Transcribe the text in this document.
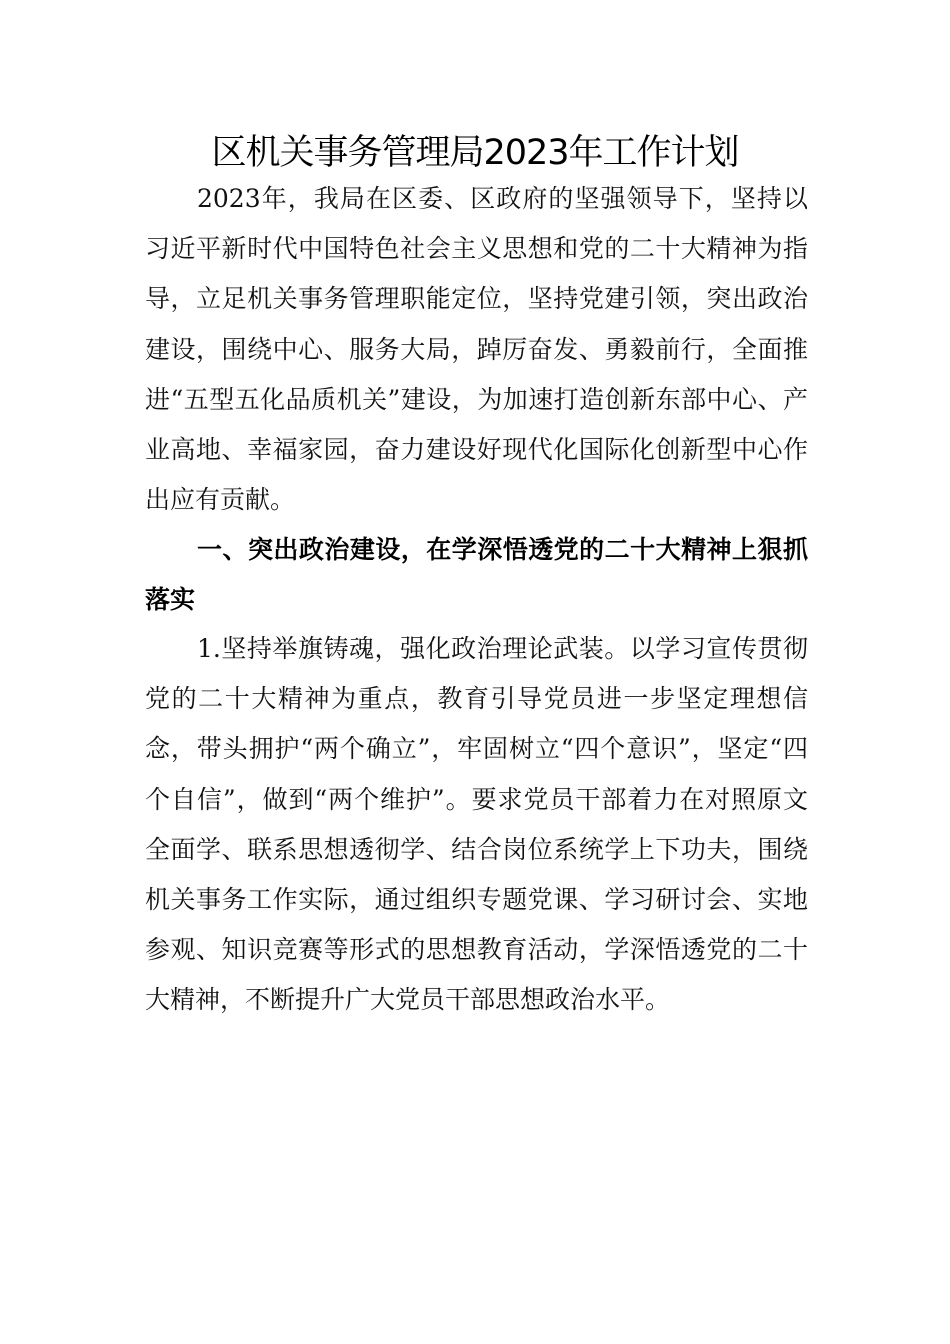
区机关事务管理局2023年工作计划

2023年，我局在区委、区政府的坚强领导下，坚持以习近平新时代中国特色社会主义思想和党的二十大精神为指导，立足机关事务管理职能定位，坚持党建引领，突出政治建设，围绕中心、服务大局，踔厉奋发、勇毅前行，全面推进“五型五化品质机关”建设，为加速打造创新东部中心、产业高地、幸福家园，奋力建设好现代化国际化创新型中心作出应有贡献。

一、突出政治建设，在学深悟透党的二十大精神上狠抓落实

1.坚持举旗铸魂，强化政治理论武装。以学习宣传贯彻党的二十大精神为重点，教育引导党员进一步坚定理想信念，带头拥护“两个确立”，牢固树立“四个意识”，坚定“四个自信”，做到“两个维护”。要求党员干部着力在对照原文全面学、联系思想透彻学、结合岗位系统学上下功夫，围绕机关事务工作实际，通过组织专题党课、学习研讨会、实地参观、知识竞赛等形式的思想教育活动，学深悟透党的二十大精神，不断提升广大党员干部思想政治水平。
